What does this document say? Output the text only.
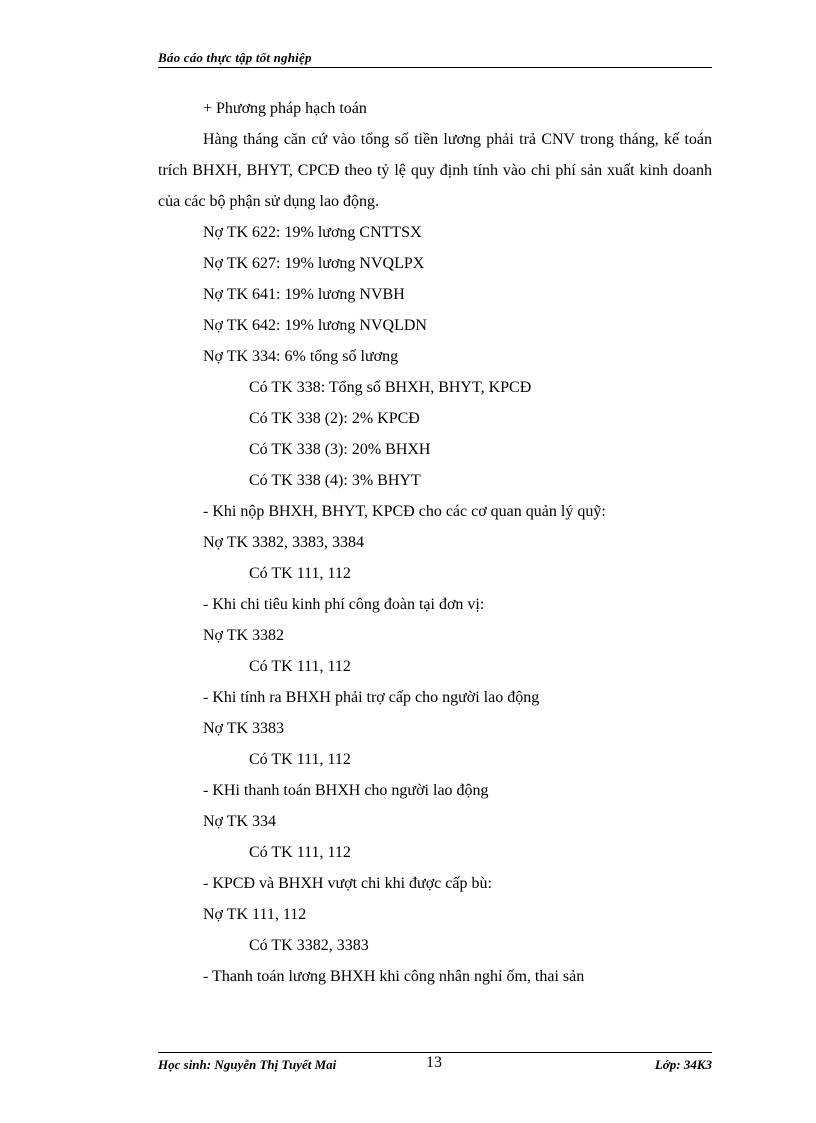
Báo cáo thực tập tốt nghiệp
+ Phương pháp hạch toán
Hàng tháng căn cứ vào tổng số tiền lương phải trả CNV trong tháng, kế toán trích BHXH, BHYT, CPCĐ theo tỷ lệ quy định tính vào chi phí sản xuất kinh doanh của các bộ phận sử dụng lao động.
Nợ TK 622: 19% lương CNTTSX
Nợ TK 627: 19% lương NVQLPX
Nợ TK 641: 19% lương NVBH
Nợ TK 642: 19% lương NVQLDN
Nợ TK 334: 6% tổng số lương
Có TK 338: Tổng số BHXH, BHYT, KPCĐ
Có TK 338 (2): 2% KPCĐ
Có TK 338 (3): 20% BHXH
Có TK 338 (4): 3% BHYT
- Khi nộp BHXH, BHYT, KPCĐ cho các cơ quan quản lý quỹ:
Nợ TK 3382, 3383, 3384
Có TK 111, 112
- Khi chi tiêu kinh phí công đoàn tại đơn vị:
Nợ TK 3382
Có TK 111, 112
- Khi tính ra BHXH phải trợ cấp cho người lao động
Nợ TK 3383
Có TK 111, 112
- KHi thanh toán BHXH cho người lao động
Nợ TK 334
Có TK 111, 112
- KPCĐ và BHXH vượt chi khi được cấp bù:
Nợ TK 111, 112
Có TK 3382, 3383
- Thanh toán lương BHXH khi công nhân nghỉ ốm, thai sản
Học sinh: Nguyễn Thị Tuyết Mai	13	Lớp: 34K3
